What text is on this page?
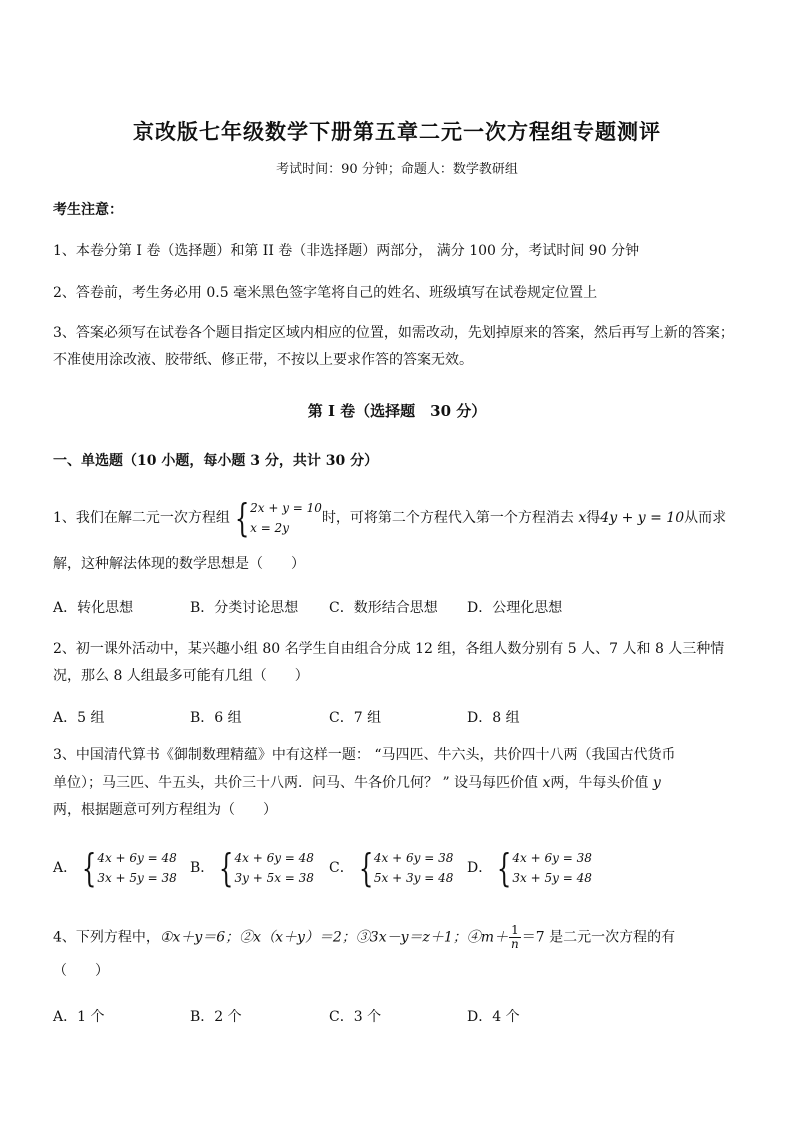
京改版七年级数学下册第五章二元一次方程组专题测评
考试时间：90 分钟；命题人：数学教研组
考生注意：
1、本卷分第 I 卷（选择题）和第 II 卷（非选择题）两部分， 满分 100 分，考试时间 90 分钟
2、答卷前，考生务必用 0.5 毫米黑色签字笔将自己的姓名、班级填写在试卷规定位置上
3、答案必须写在试卷各个题目指定区域内相应的位置，如需改动，先划掉原来的答案，然后再写上新的答案；不准使用涂改液、胶带纸、修正带，不按以上要求作答的答案无效。
第 I 卷（选择题　30 分）
一、单选题（10 小题，每小题 3 分，共计 30 分）
1、我们在解二元一次方程组 { 2x + y = 10
x = 2y
时，可将第二个方程代入第一个方程消去 x得4y + y = 10从而求
解，这种解法体现的数学思想是（　　）
A．转化思想	B．分类讨论思想 C．数形结合思想 D．公理化思想
2、初一课外活动中，某兴趣小组 80 名学生自由组合分成 12 组，各组人数分别有 5 人、7 人和 8 人三种情况，那么 8 人组最多可能有几组（　　）
A．5 组	B．6 组	C．7 组	D．8 组
3、中国清代算书《御制数理精蕴》中有这样一题： “马四匹、牛六头，共价四十八两（我国古代货币
单位）；马三匹、牛五头，共价三十八两．问马、牛各价几何？ ” 设马每匹价值 x两，牛每头价值 y
两，根据题意可列方程组为（　　）
A． { 4x + 6y = 48
3x + 5y = 38
B． { 4x + 6y = 48
3y + 5x = 38
C． { 4x + 6y = 38
5x + 3y = 48
D． { 4x + 6y = 38
3x + 5y = 48
4、下列方程中，①x＋y＝6；②x（x＋y）＝2；③3x－y＝z＋1；④m＋ $\frac{1}{n} =7$ 是二元一次方程的有
（　　）
A．1 个	B．2 个	C．3 个	D．4 个
